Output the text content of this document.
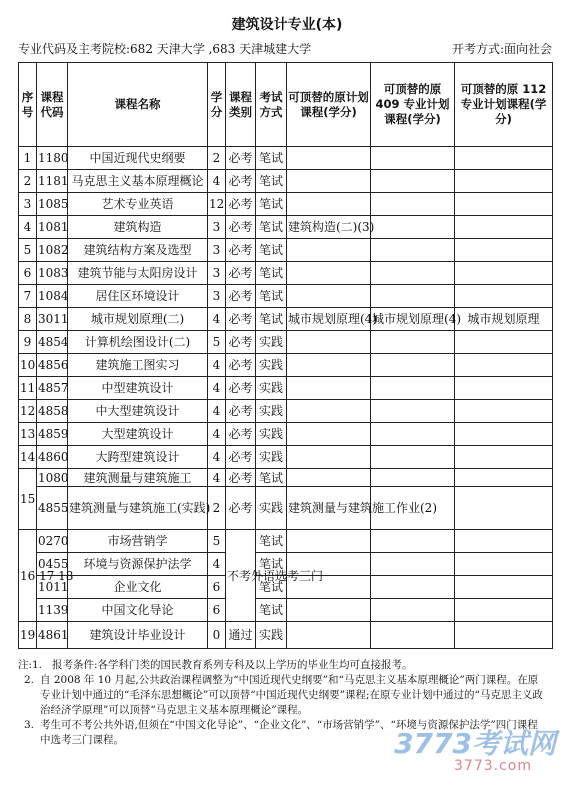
建筑设计专业(本)
专业代码及主考院校:682 天津大学 ,683 天津城建大学	开考方式:面向社会
序号	课程代码	课程名称	学分	课程类别	考试方式	可顶替的原计划课程(学分)	可顶替的原 409 专业计划课程(学分)	可顶替的原 112 专业计划课程(学分)
1	1180	中国近现代史纲要	2	必考	笔试			
2	1181	马克思主义基本原理概论	4	必考	笔试			
3	1085	艺术专业英语	12	必考	笔试			
4	1081	建筑构造	3	必考	笔试	建筑构造(二)(3)		
5	1082	建筑结构方案及选型	3	必考	笔试			
6	1083	建筑节能与太阳房设计	3	必考	笔试			
7	1084	居住区环境设计	3	必考	笔试			
8	3011	城市规划原理(二)	4	必考	笔试	城市规划原理(4)	城市规划原理(4)	城市规划原理
9	4854	计算机绘图设计(二)	5	必考	实践			
10	4856	建筑施工图实习	4	必考	实践			
11	4857	中型建筑设计	4	必考	实践			
12	4858	中大型建筑设计	4	必考	实践			
13	4859	大型建筑设计	4	必考	实践			
14	4860	大跨型建筑设计	4	必考	实践			
15	1080	建筑测量与建筑施工	4	必考	笔试			
	4855	建筑测量与建筑施工(实践)	2	必考	实践	建筑测量与建筑施工作业(2)		
16 17 18	0270	市场营销学	5	不考外语选考三门	笔试			
	0455	环境与资源保护法学	4		笔试			
	1011	企业文化	6		笔试			
	1139	中国文化导论	6		笔试			
19	4861	建筑设计毕业设计	0	通过	实践			
注: 1. 报考条件:各学科门类的国民教育系列专科及以上学历的毕业生均可直接报考。
2. 自 2008 年 10 月起,公共政治课程调整为“中国近现代史纲要”和“马克思主义基本原理概论”两门课程。在原专业计划中通过的“毛泽东思想概论”可以顶替“中国近现代史纲要”课程;在原专业计划中通过的“马克思主义政治经济学原理”可以顶替“马克思主义基本原理概论”课程。
3. 考生可不考公共外语,但须在“中国文化导论”、“企业文化”、“市场营销学”、“环境与资源保护法学”四门课程中选考三门课程。	3773考试网
3773.com
